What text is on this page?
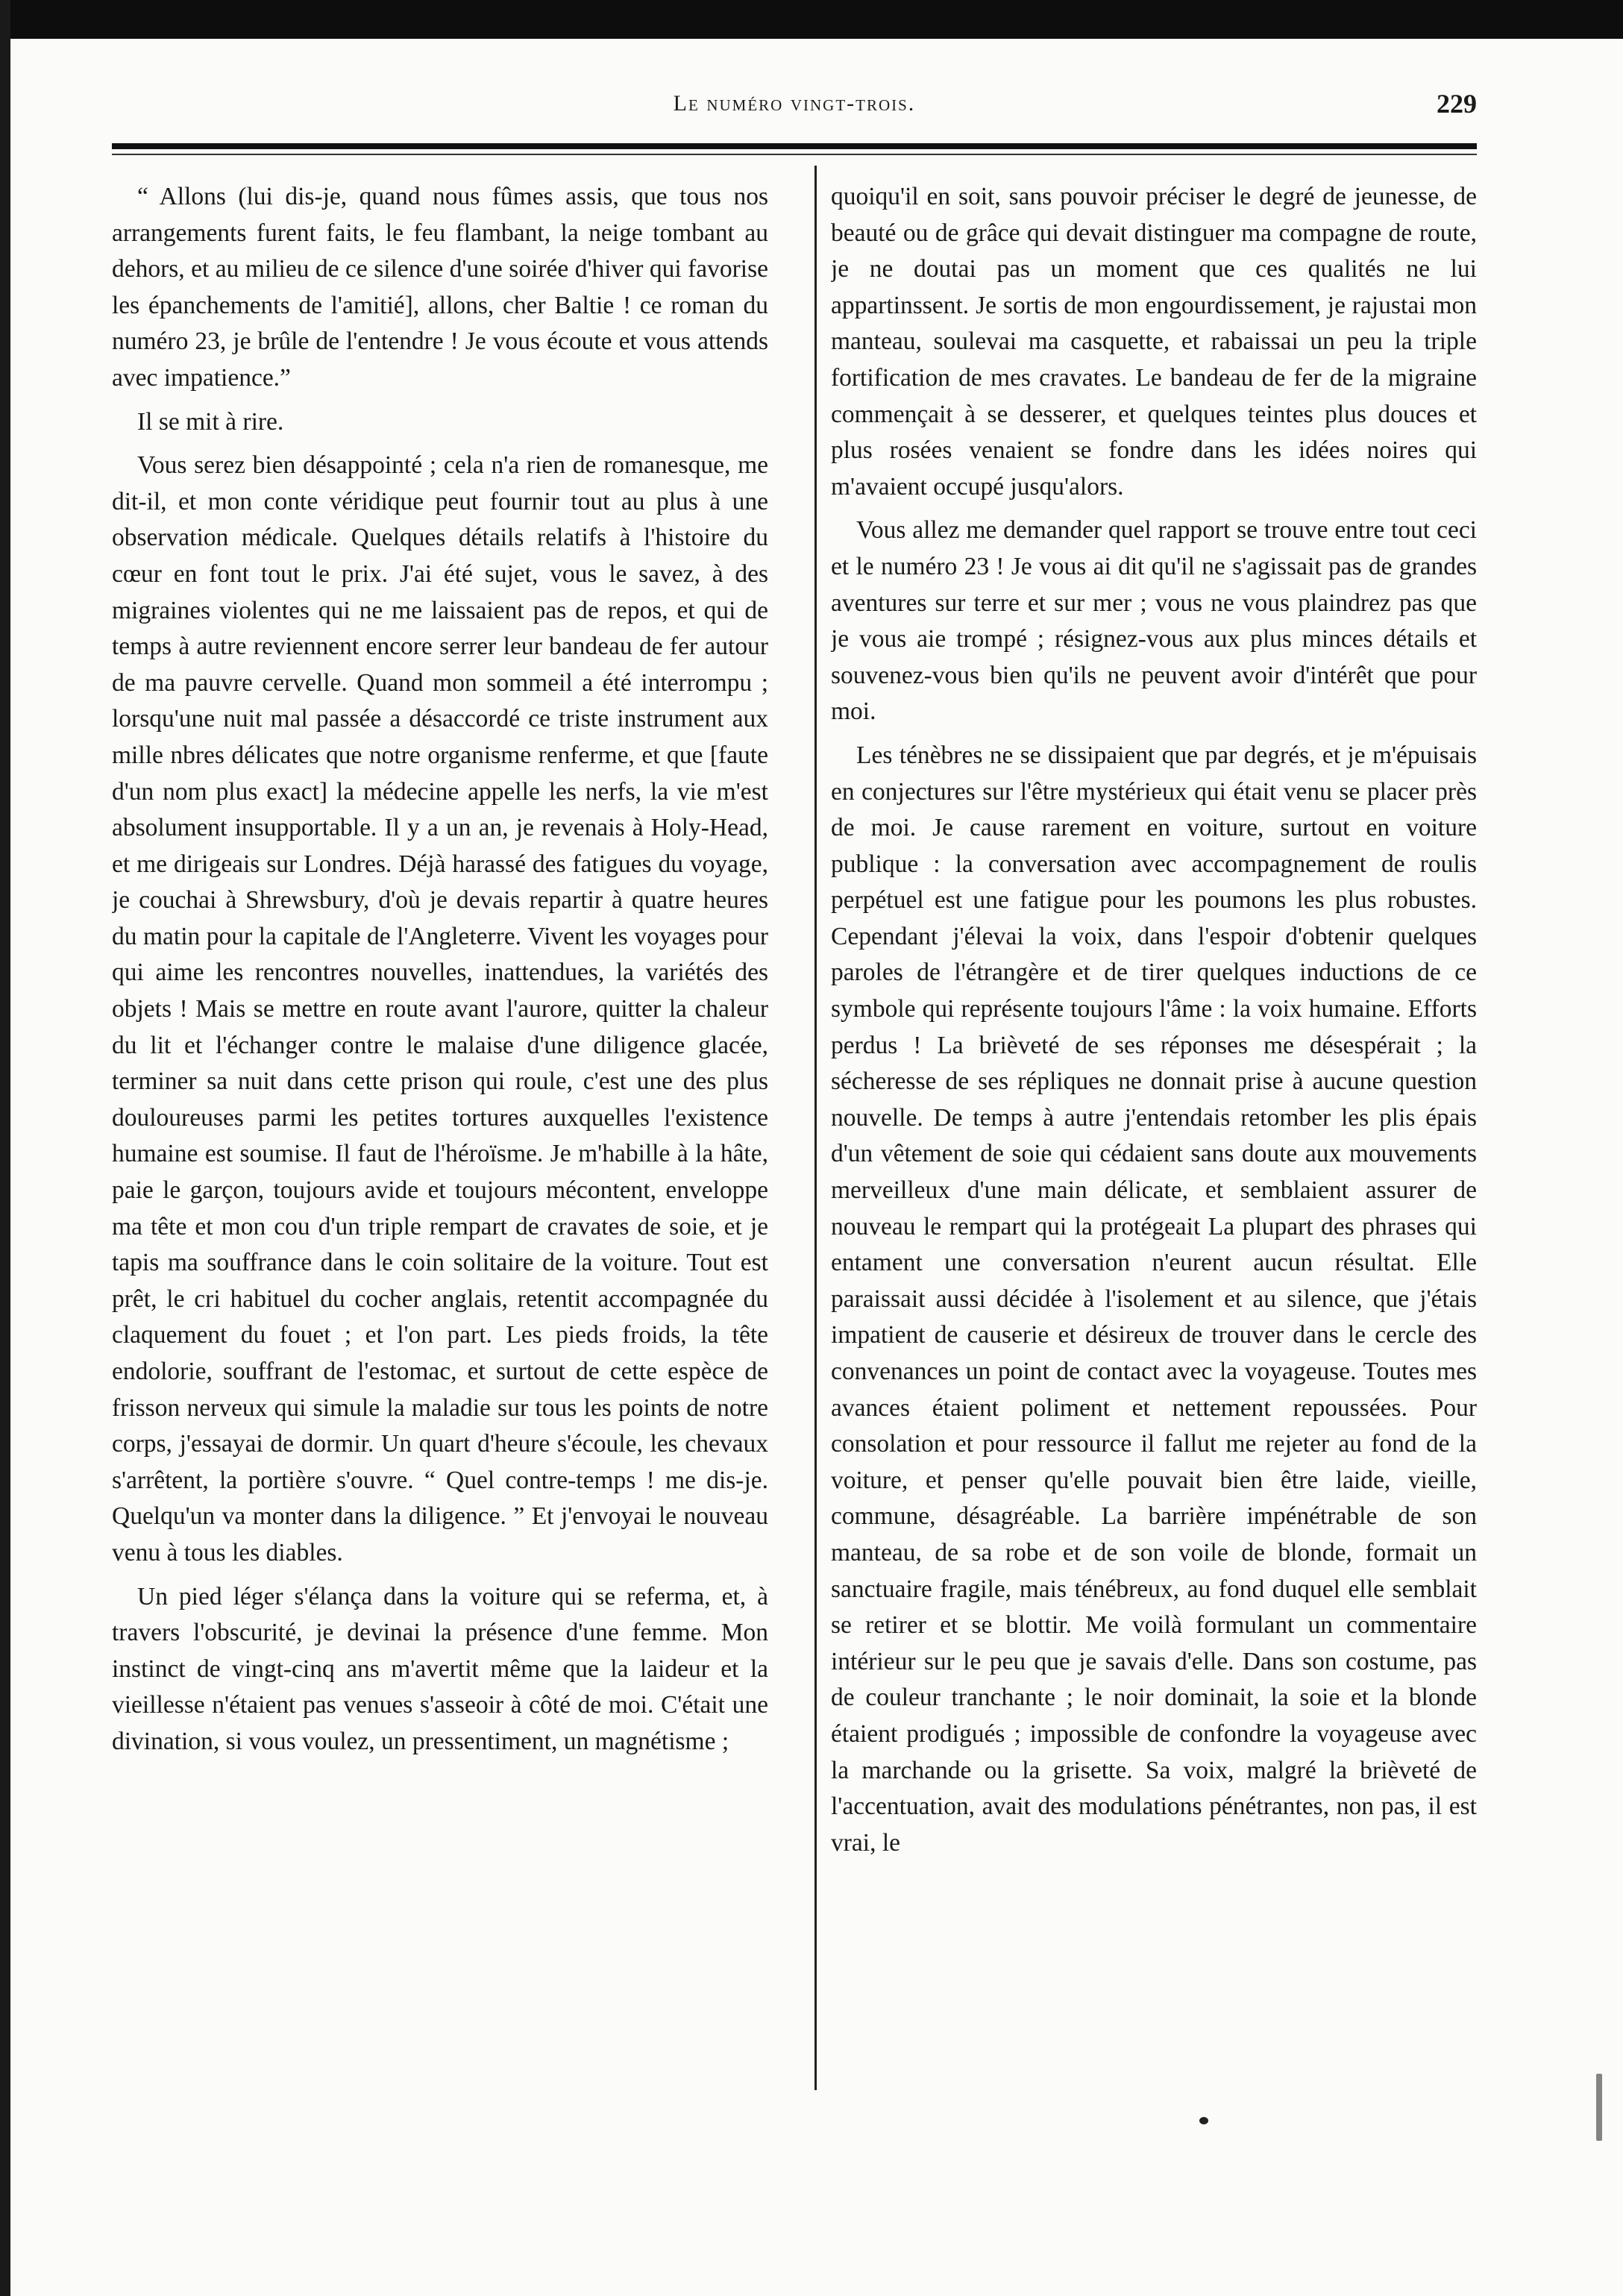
Le numéro vingt-trois.	229

“ Allons (lui dis-je, quand nous fûmes assis, que tous nos arrangements furent faits, le feu flambant, la neige tombant au dehors, et au milieu de ce silence d'une soirée d'hiver qui favorise les épanchements de l'amitié], allons, cher Baltie ! ce roman du numéro 23, je brûle de l'entendre ! Je vous écoute et vous attends avec impatience.”

Il se mit à rire.

Vous serez bien désappointé ; cela n'a rien de romanesque, me dit-il, et mon conte véridique peut fournir tout au plus à une observation médicale. Quelques détails relatifs à l'histoire du cœur en font tout le prix. J'ai été sujet, vous le savez, à des migraines violentes qui ne me laissaient pas de repos, et qui de temps à autre reviennent encore serrer leur bandeau de fer autour de ma pauvre cervelle. Quand mon sommeil a été interrompu ; lorsqu'une nuit mal passée a désaccordé ce triste instrument aux mille nbres délicates que notre organisme renferme, et que [faute d'un nom plus exact] la médecine appelle les nerfs, la vie m'est absolument insupportable. Il y a un an, je revenais à Holy-Head, et me dirigeais sur Londres. Déjà harassé des fatigues du voyage, je couchai à Shrewsbury, d'où je devais repartir à quatre heures du matin pour la capitale de l'Angleterre. Vivent les voyages pour qui aime les rencontres nouvelles, inattendues, la variétés des objets ! Mais se mettre en route avant l'aurore, quitter la chaleur du lit et l'échanger contre le malaise d'une diligence glacée, terminer sa nuit dans cette prison qui roule, c'est une des plus douloureuses parmi les petites tortures auxquelles l'existence humaine est soumise. Il faut de l'héroïsme. Je m'habille à la hâte, paie le garçon, toujours avide et toujours mécontent, enveloppe ma tête et mon cou d'un triple rempart de cravates de soie, et je tapis ma souffrance dans le coin solitaire de la voiture. Tout est prêt, le cri habituel du cocher anglais, retentit accompagnée du claquement du fouet ; et l'on part. Les pieds froids, la tête endolorie, souffrant de l'estomac, et surtout de cette espèce de frisson nerveux qui simule la maladie sur tous les points de notre corps, j'essayai de dormir. Un quart d'heure s'écoule, les chevaux s'arrêtent, la portière s'ouvre. “ Quel contre-temps ! me dis-je. Quelqu'un va monter dans la diligence. ” Et j'envoyai le nouveau venu à tous les diables.

Un pied léger s'élança dans la voiture qui se referma, et, à travers l'obscurité, je devinai la présence d'une femme. Mon instinct de vingt-cinq ans m'avertit même que la laideur et la vieillesse n'étaient pas venues s'asseoir à côté de moi. C'était une divination, si vous voulez, un pressentiment, un magnétisme ;

quoiqu'il en soit, sans pouvoir préciser le degré de jeunesse, de beauté ou de grâce qui devait distinguer ma compagne de route, je ne doutai pas un moment que ces qualités ne lui appartinssent. Je sortis de mon engourdissement, je rajustai mon manteau, soulevai ma casquette, et rabaissai un peu la triple fortification de mes cravates. Le bandeau de fer de la migraine commençait à se desserer, et quelques teintes plus douces et plus rosées venaient se fondre dans les idées noires qui m'avaient occupé jusqu'alors.

Vous allez me demander quel rapport se trouve entre tout ceci et le numéro 23 ! Je vous ai dit qu'il ne s'agissait pas de grandes aventures sur terre et sur mer ; vous ne vous plaindrez pas que je vous aie trompé ; résignez-vous aux plus minces détails et souvenez-vous bien qu'ils ne peuvent avoir d'intérêt que pour moi.

Les ténèbres ne se dissipaient que par degrés, et je m'épuisais en conjectures sur l'être mystérieux qui était venu se placer près de moi. Je cause rarement en voiture, surtout en voiture publique : la conversation avec accompagnement de roulis perpétuel est une fatigue pour les poumons les plus robustes. Cependant j'élevai la voix, dans l'espoir d'obtenir quelques paroles de l'étrangère et de tirer quelques inductions de ce symbole qui représente toujours l'âme : la voix humaine. Efforts perdus ! La brièveté de ses réponses me désespérait ; la sécheresse de ses répliques ne donnait prise à aucune question nouvelle. De temps à autre j'entendais retomber les plis épais d'un vêtement de soie qui cédaient sans doute aux mouvements merveilleux d'une main délicate, et semblaient assurer de nouveau le rempart qui la protégeait La plupart des phrases qui entament une conversation n'eurent aucun résultat. Elle paraissait aussi décidée à l'isolement et au silence, que j'étais impatient de causerie et désireux de trouver dans le cercle des convenances un point de contact avec la voyageuse. Toutes mes avances étaient poliment et nettement repoussées. Pour consolation et pour ressource il fallut me rejeter au fond de la voiture, et penser qu'elle pouvait bien être laide, vieille, commune, désagréable. La barrière impénétrable de son manteau, de sa robe et de son voile de blonde, formait un sanctuaire fragile, mais ténébreux, au fond duquel elle semblait se retirer et se blottir. Me voilà formulant un commentaire intérieur sur le peu que je savais d'elle. Dans son costume, pas de couleur tranchante ; le noir dominait, la soie et la blonde étaient prodigués ; impossible de confondre la voyageuse avec la marchande ou la grisette. Sa voix, malgré la brièveté de l'accentuation, avait des modulations pénétrantes, non pas, il est vrai, le
